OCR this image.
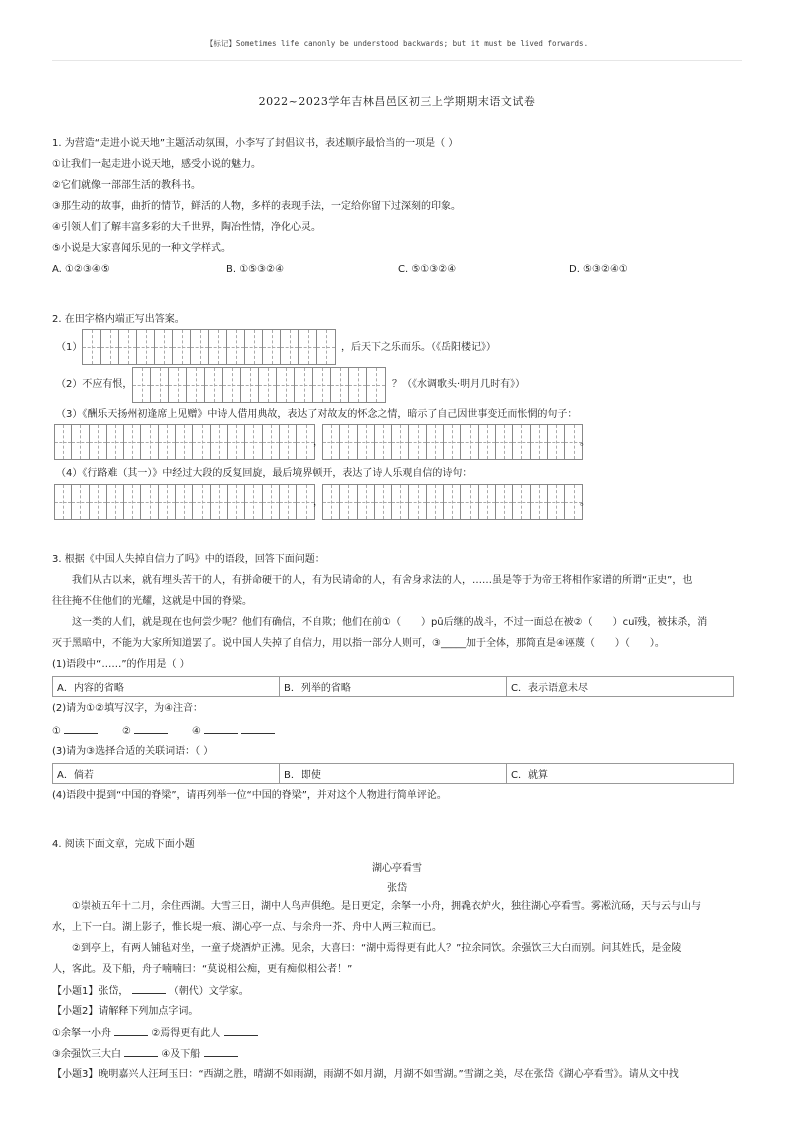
【标记】Sometimes life canonly be understood backwards; but it must be lived forwards.
2022~2023学年吉林昌邑区初三上学期期末语文试卷
1. 为营造“走进小说天地”主题活动氛围，小李写了封倡议书，表述顺序最恰当的一项是（ ）
①让我们一起走进小说天地，感受小说的魅力。
②它们就像一部部生活的教科书。
③那生动的故事，曲折的情节，鲜活的人物，多样的表现手法，一定给你留下过深刻的印象。
④引领人们了解丰富多彩的大千世界，陶冶性情，净化心灵。
⑤小说是大家喜闻乐见的一种文学样式。
A. ①②③④⑤	B. ①⑤③②④	C. ⑤①③②④	D. ⑤③②④①
2. 在田字格内端正写出答案。
（1）	，后天下之乐而乐。（《岳阳楼记》）
（2）不应有恨，	？（《水调歌头·明月几时有》）
（3）《酬乐天扬州初逢席上见赠》中诗人借用典故，表达了对故友的怀念之情，暗示了自己因世事变迁而怅惘的句子：
，	。
（4）《行路难（其一）》中经过大段的反复回旋，最后境界顿开，表达了诗人乐观自信的诗句：
，	。
3. 根据《中国人失掉自信力了吗》中的语段，回答下面问题：
　　我们从古以来，就有埋头苦干的人，有拼命硬干的人，有为民请命的人，有舍身求法的人，……虽是等于为帝王将相作家谱的所谓“正史”，也
往往掩不住他们的光耀，这就是中国的脊梁。
　　这一类的人们，就是现在也何尝少呢？他们有确信，不自欺；他们在前①（　　）pū后继的战斗，不过一面总在被②（　　）cuī残，被抹杀，消
灭于黑暗中，不能为大家所知道罢了。说中国人失掉了自信力，用以指一部分人则可，③_____加于全体，那简直是④诬蔑（　　）（　　）。
(1)语段中“……”的作用是（ ）
A．内容的省略	B．列举的省略	C．表示语意未尽
(2)请为①②填写汉字，为④注音：
①	②	④
(3)请为③选择合适的关联词语：（ ）
A．倘若	B．即使	C．就算
(4)语段中提到“中国的脊梁”，请再列举一位“中国的脊梁”，并对这个人物进行简单评论。
4. 阅读下面文章，完成下面小题
湖心亭看雪
张岱
　　①崇祯五年十二月，余住西湖。大雪三日，湖中人鸟声俱绝。是日更定，余拏一小舟，拥毳衣炉火，独往湖心亭看雪。雾凇沆砀，天与云与山与
水，上下一白。湖上影子，惟长堤一痕、湖心亭一点、与余舟一芥、舟中人两三粒而已。
　　②到亭上，有两人铺毡对坐，一童子烧酒炉正沸。见余，大喜曰：“湖中焉得更有此人？”拉余同饮。余强饮三大白而别。问其姓氏，是金陵
人，客此。及下船，舟子喃喃曰：“莫说相公痴，更有痴似相公者！”
【小题1】张岱，	（朝代）文学家。
【小题2】请解释下列加点字词。
①余拏一小舟	②焉得更有此人
③余强饮三大白	④及下船
【小题3】晚明嘉兴人汪珂玉曰：“西湖之胜，晴湖不如雨湖，雨湖不如月湖，月湖不如雪湖。”雪湖之美，尽在张岱《湖心亭看雪》。请从文中找
